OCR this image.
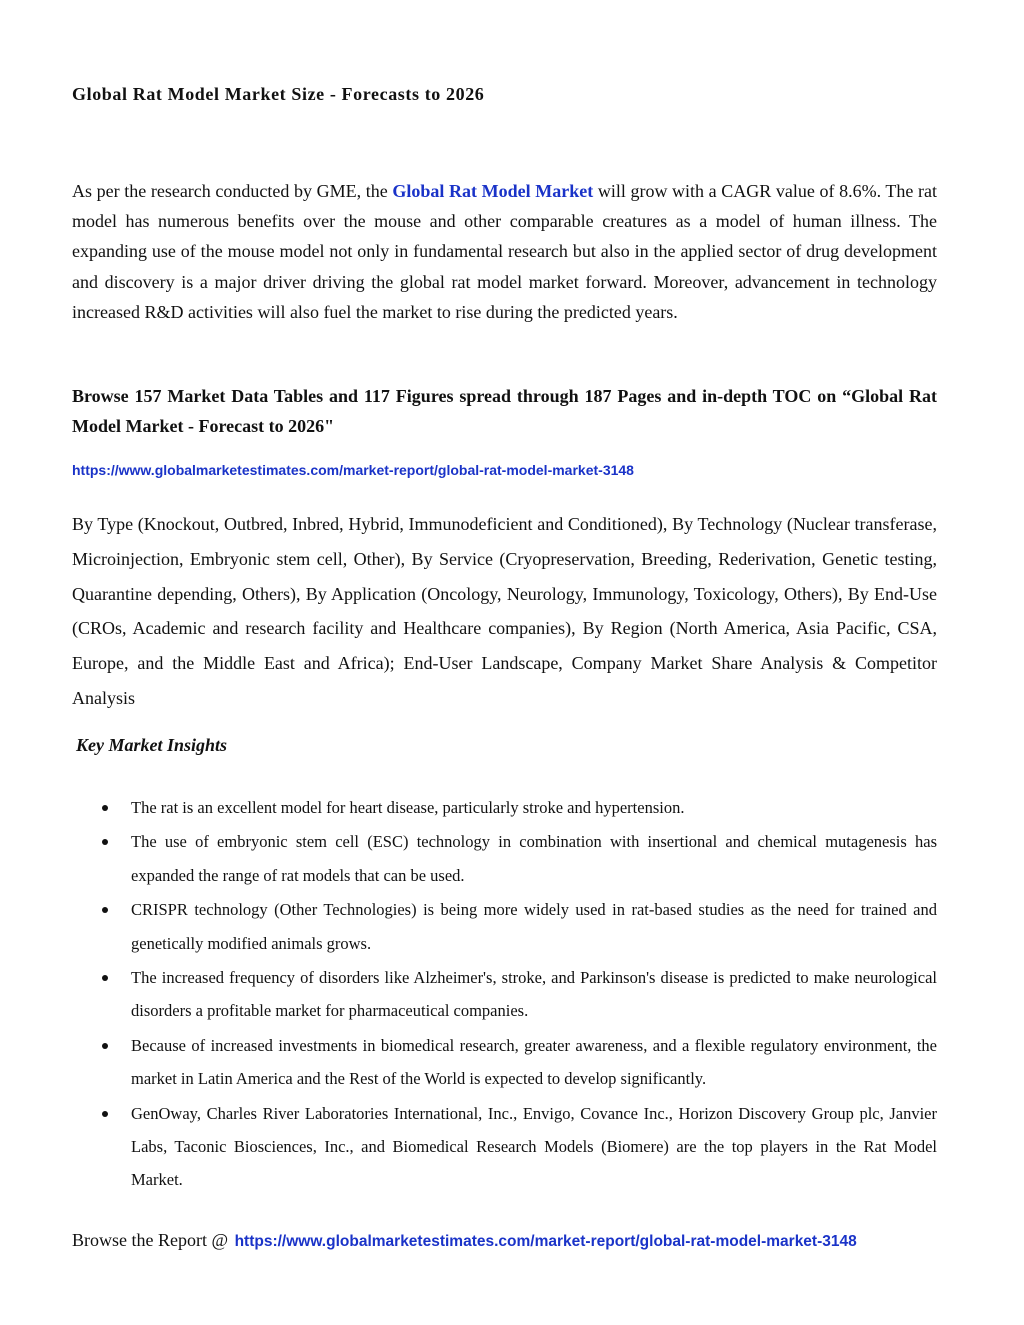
Global Rat Model Market Size - Forecasts to 2026

As per the research conducted by GME, the Global Rat Model Market will grow with a CAGR value of 8.6%. The rat model has numerous benefits over the mouse and other comparable creatures as a model of human illness. The expanding use of the mouse model not only in fundamental research but also in the applied sector of drug development and discovery is a major driver driving the global rat model market forward. Moreover, advancement in technology increased R&D activities will also fuel the market to rise during the predicted years.

Browse 157 Market Data Tables and 117 Figures spread through 187 Pages and in-depth TOC on “Global Rat Model Market - Forecast to 2026"

https://www.globalmarketestimates.com/market-report/global-rat-model-market-3148

By Type (Knockout, Outbred, Inbred, Hybrid, Immunodeficient and Conditioned), By Technology (Nuclear transferase, Microinjection, Embryonic stem cell, Other), By Service (Cryopreservation, Breeding, Rederivation, Genetic testing, Quarantine depending, Others), By Application (Oncology, Neurology, Immunology, Toxicology, Others), By End-Use (CROs, Academic and research facility and Healthcare companies), By Region (North America, Asia Pacific, CSA, Europe, and the Middle East and Africa); End-User Landscape, Company Market Share Analysis & Competitor Analysis

Key Market Insights
The rat is an excellent model for heart disease, particularly stroke and hypertension.
The use of embryonic stem cell (ESC) technology in combination with insertional and chemical mutagenesis has expanded the range of rat models that can be used.
CRISPR technology (Other Technologies) is being more widely used in rat-based studies as the need for trained and genetically modified animals grows.
The increased frequency of disorders like Alzheimer's, stroke, and Parkinson's disease is predicted to make neurological disorders a profitable market for pharmaceutical companies.
Because of increased investments in biomedical research, greater awareness, and a flexible regulatory environment, the market in Latin America and the Rest of the World is expected to develop significantly.
GenOway, Charles River Laboratories International, Inc., Envigo, Covance Inc., Horizon Discovery Group plc, Janvier Labs, Taconic Biosciences, Inc., and Biomedical Research Models (Biomere) are the top players in the Rat Model Market.

Browse the Report @ https://www.globalmarketestimates.com/market-report/global-rat-model-market-3148
